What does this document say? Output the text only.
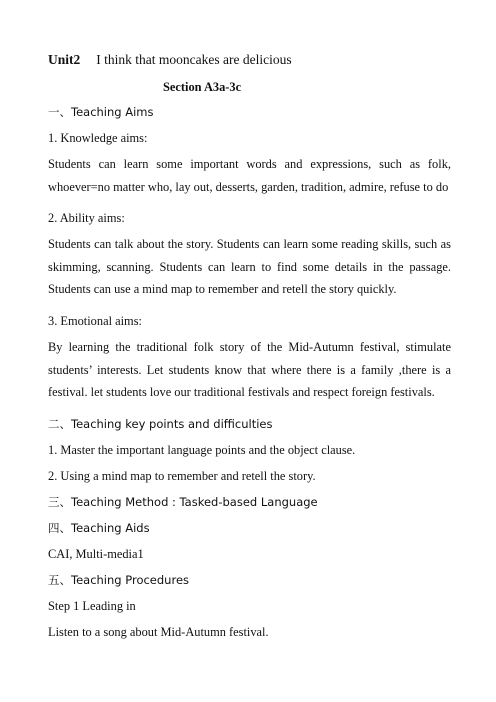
Unit2 I think that mooncakes are delicious
Section A3a-3c
一、Teaching Aims
1. Knowledge aims:
Students can learn some important words and expressions, such as folk, whoever=no matter who, lay out, desserts, garden, tradition, admire, refuse to do
2. Ability aims:
Students can talk about the story. Students can learn some reading skills, such as skimming, scanning. Students can learn to find some details in the passage. Students can use a mind map to remember and retell the story quickly.
3. Emotional aims:
By learning the traditional folk story of the Mid-Autumn festival, stimulate students’ interests. Let students know that where there is a family ,there is a festival. let students love our traditional festivals and respect foreign festivals.
二、Teaching key points and difficulties
1. Master the important language points and the object clause.
2. Using a mind map to remember and retell the story.
三、Teaching Method : Tasked-based Language
四、Teaching Aids
CAI, Multi-media1
五、Teaching Procedures
Step 1 Leading in
Listen to a song about Mid-Autumn festival.
